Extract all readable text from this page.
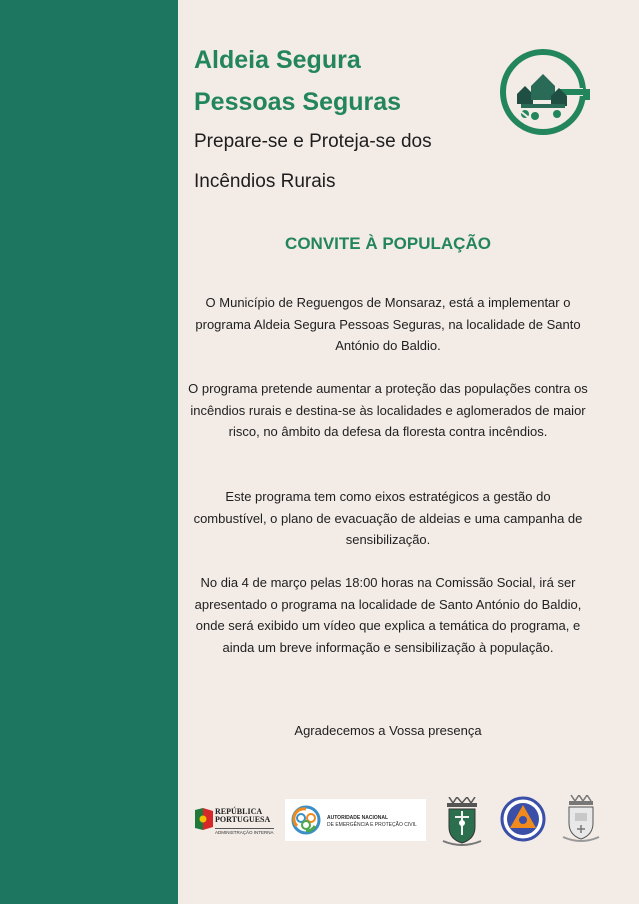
Aldeia Segura
Pessoas Seguras

Prepare-se e Proteja-se dos

Incêndios Rurais

CONVITE À POPULAÇÃO

O Município de Reguengos de Monsaraz, está a implementar o programa Aldeia Segura Pessoas Seguras, na localidade de Santo António do Baldio.

O programa pretende aumentar a proteção das populações contra os incêndios rurais e destina-se às localidades e aglomerados de maior risco, no âmbito da defesa da floresta contra incêndios.

Este programa tem como eixos estratégicos a gestão do combustível, o plano de evacuação de aldeias e uma campanha de sensibilização.

No dia 4 de março pelas 18:00 horas na Comissão Social, irá ser apresentado o programa na localidade de Santo António do Baldio, onde será exibido um vídeo que explica a temática do programa, e ainda um breve informação e sensibilização à população.

Agradecemos a Vossa presença

REPÚBLICA
PORTUGUESA
ADMINISTRAÇÃO INTERNA
AUTORIDADE NACIONAL
DE EMERGÊNCIA E PROTEÇÃO CIVIL
